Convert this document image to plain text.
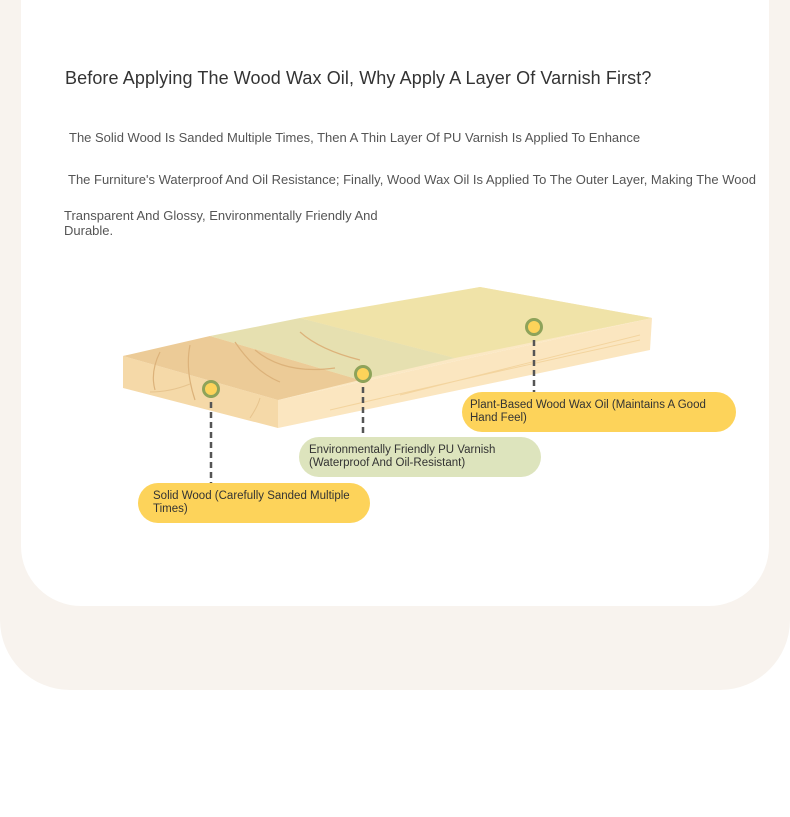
Before Applying The Wood Wax Oil, Why Apply A Layer Of Varnish First?

The Solid Wood Is Sanded Multiple Times, Then A Thin Layer Of PU Varnish Is Applied To Enhance

The Furniture's Waterproof And Oil Resistance; Finally, Wood Wax Oil Is Applied To The Outer Layer, Making The Wood

Transparent And Glossy, Environmentally Friendly And Durable.

Plant-Based Wood Wax Oil (Maintains A Good Hand Feel)
Environmentally Friendly PU Varnish (Waterproof And Oil-Resistant)
Solid Wood (Carefully Sanded Multiple Times)
